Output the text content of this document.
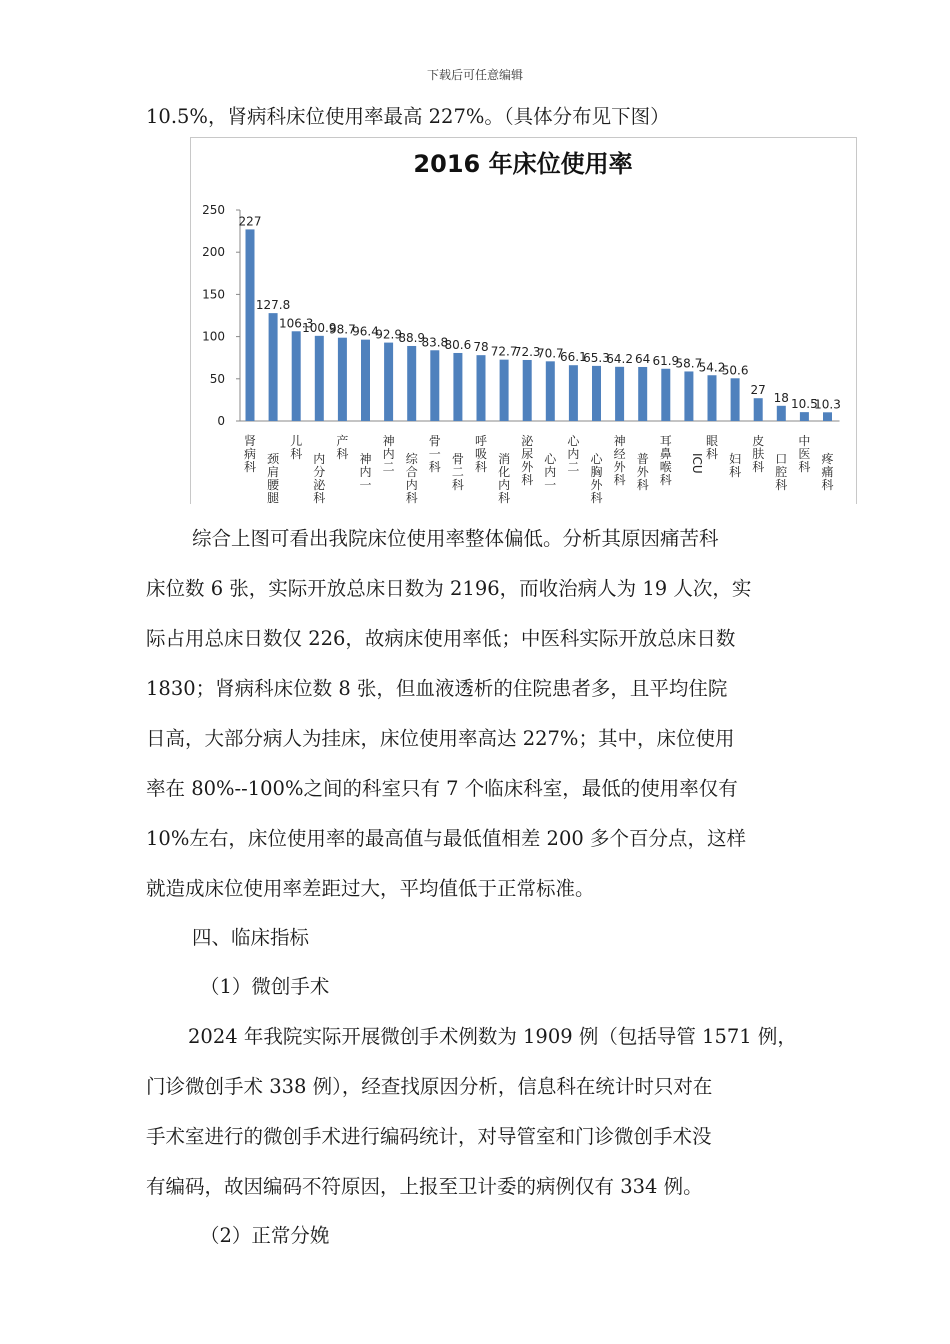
下载后可任意编辑
10.5%，肾病科床位使用率最高 227%。（具体分布见下图）
2016 年床位使用率
0
50
100
150
200
250
227
肾病科
127.8
颈肩腰腿
106.3
儿科
100.9
内分泌科
98.7
产科
96.4
神内一
92.9
神内二
88.9
综合内科
83.8
骨一科
80.6
骨二科
78
呼吸科
72.7
消化内科
72.3
泌尿外科
70.7
心内一
66.1
心内二
65.3
心胸外科
64.2
神经外科
64
普外科
61.9
耳鼻喉科
58.7
ICU
54.2
眼科
50.6
妇科
27
皮肤科
18
口腔科
10.5
中医科
10.3
疼痛科
综合上图可看出我院床位使用率整体偏低。分析其原因痛苦科
床位数 6 张，实际开放总床日数为 2196，而收治病人为 19 人次，实
际占用总床日数仅 226，故病床使用率低；中医科实际开放总床日数
1830；肾病科床位数 8 张，但血液透析的住院患者多，且平均住院
日高，大部分病人为挂床，床位使用率高达 227%；其中，床位使用
率在 80%--100%之间的科室只有 7 个临床科室，最低的使用率仅有
10%左右，床位使用率的最高值与最低值相差 200 多个百分点，这样
就造成床位使用率差距过大，平均值低于正常标准。
四、临床指标
（1）微创手术
2024 年我院实际开展微创手术例数为 1909 例（包括导管 1571 例，
门诊微创手术 338 例），经查找原因分析，信息科在统计时只对在
手术室进行的微创手术进行编码统计，对导管室和门诊微创手术没
有编码，故因编码不符原因，上报至卫计委的病例仅有 334 例。
（2）正常分娩
